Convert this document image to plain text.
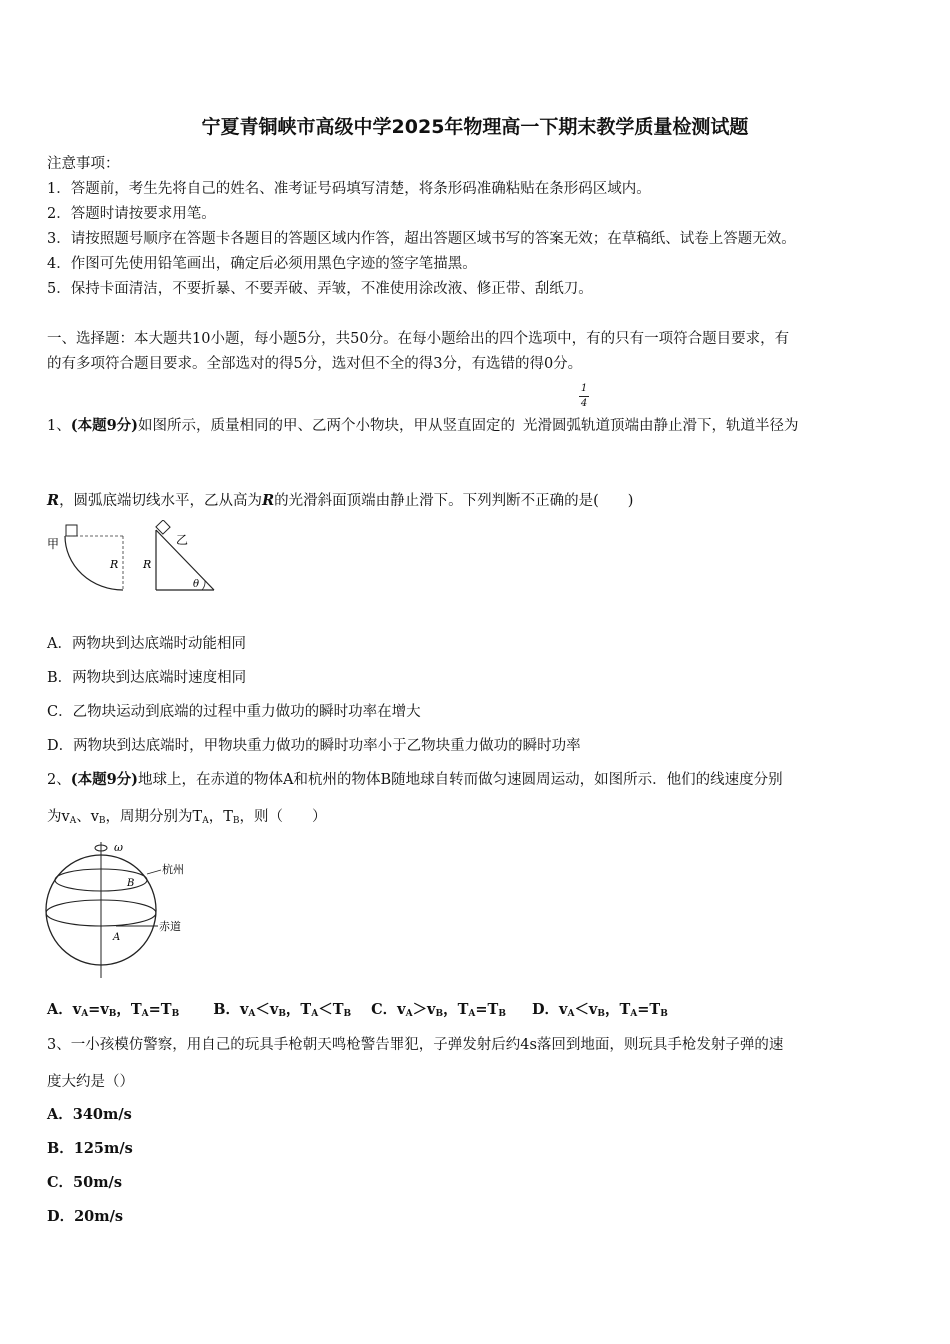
宁夏青铜峡市高级中学2025年物理高一下期末教学质量检测试题
注意事项：
1．答题前，考生先将自己的姓名、准考证号码填写清楚，将条形码准确粘贴在条形码区域内。
2．答题时请按要求用笔。
3．请按照题号顺序在答题卡各题目的答题区域内作答，超出答题区域书写的答案无效；在草稿纸、试卷上答题无效。
4．作图可先使用铅笔画出，确定后必须用黑色字迹的签字笔描黑。
5．保持卡面清洁，不要折暴、不要弄破、弄皱，不准使用涂改液、修正带、刮纸刀。
一、选择题：本大题共10小题，每小题5分，共50分。在每小题给出的四个选项中，有的只有一项符合题目要求，有
的有多项符合题目要求。全部选对的得5分，选对但不全的得3分，有选错的得0分。
1
4
1、(本题9分)如图所示，质量相同的甲、乙两个小物块，甲从竖直固定的 光滑圆弧轨道顶端由静止滑下，轨道半径为
R，圆弧底端切线水平，乙从高为R的光滑斜面顶端由静止滑下。下列判断不正确的是(　　)
甲
R
乙
R
θ
A．两物块到达底端时动能相同
B．两物块到达底端时速度相同
C．乙物块运动到底端的过程中重力做功的瞬时功率在增大
D．两物块到达底端时，甲物块重力做功的瞬时功率小于乙物块重力做功的瞬时功率
2、(本题9分)地球上，在赤道的物体A和杭州的物体B随地球自转而做匀速圆周运动，如图所示．他们的线速度分别
为$v_A$、$v_B$，周期分别为$T_A$，$T_B$，则（　　）
ω
B
杭州
A
赤道
A．$v_A=v_B$，$T_A=T_B$ B．$v_A<v_B$，$T_A<T_B$ C．$v_A>v_B$，$T_A=T_B$ D．$v_A<v_B$，$T_A=T_B$
3、一小孩模仿警察，用自己的玩具手枪朝天鸣枪警告罪犯，子弹发射后约4s落回到地面，则玩具手枪发射子弹的速
度大约是（）
A．340m/s
B．125m/s
C．50m/s
D．20m/s
